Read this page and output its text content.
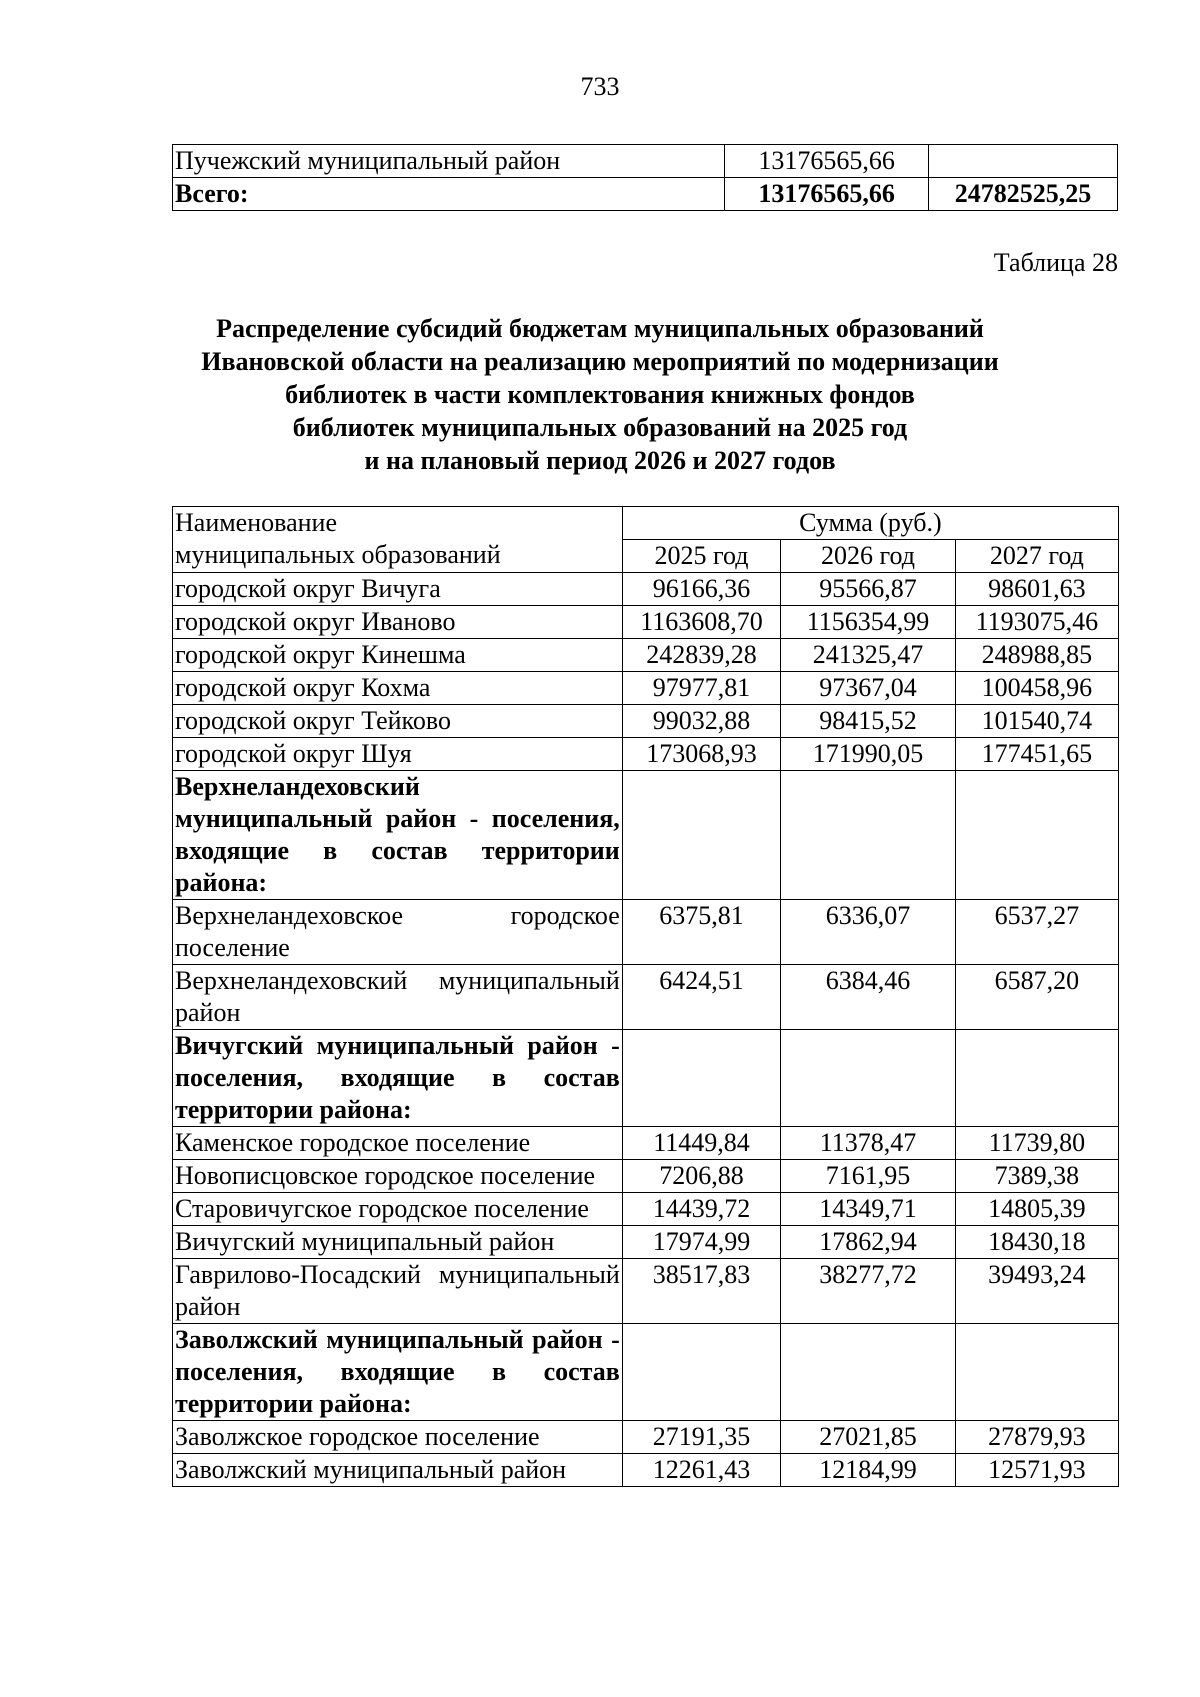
733
Пучежский муниципальный район	13176565,66	
Всего:	13176565,66	24782525,25
Таблица 28
Распределение субсидий бюджетам муниципальных образований
Ивановской области на реализацию мероприятий по модернизации
библиотек в части комплектования книжных фондов
библиотек муниципальных образований на 2025 год
и на плановый период 2026 и 2027 годов
Наименование
муниципальных образований	Сумма (руб.)		
	2025 год	2026 год	2027 год
городской округ Вичуга	96166,36	95566,87	98601,63
городской округ Иваново	1163608,70	1156354,99	1193075,46
городской округ Кинешма	242839,28	241325,47	248988,85
городской округ Кохма	97977,81	97367,04	100458,96
городской округ Тейково	99032,88	98415,52	101540,74
городской округ Шуя	173068,93	171990,05	177451,65
Верхнеландеховский муниципальный район - поселения, входящие в состав территории района:			
Верхнеландеховское городское поселение	6375,81	6336,07	6537,27
Верхнеландеховский муниципальный район	6424,51	6384,46	6587,20
Вичугский муниципальный район - поселения, входящие в состав территории района:			
Каменское городское поселение	11449,84	11378,47	11739,80
Новописцовское городское поселение	7206,88	7161,95	7389,38
Старовичугское городское поселение	14439,72	14349,71	14805,39
Вичугский муниципальный район	17974,99	17862,94	18430,18
Гаврилово-Посадский муниципальный район	38517,83	38277,72	39493,24
Заволжский муниципальный район - поселения, входящие в состав территории района:			
Заволжское городское поселение	27191,35	27021,85	27879,93
Заволжский муниципальный район	12261,43	12184,99	12571,93
